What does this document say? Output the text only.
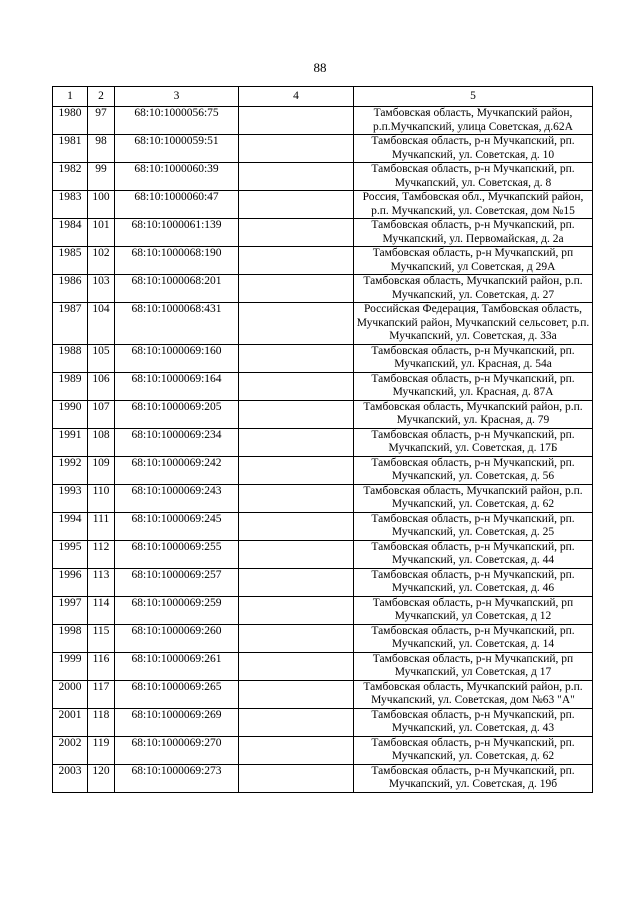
88
1	2	3	4	5
1980	97	68:10:1000056:75		Тамбовская область, Мучкапский район,
р.п.Мучкапский, улица Советская, д.62А

1981	98	68:10:1000059:51		Тамбовская область, р-н Мучкапский, рп.
Мучкапский, ул. Советская, д. 10

1982	99	68:10:1000060:39		Тамбовская область, р-н Мучкапский, рп.
Мучкапский, ул. Советская, д. 8

1983	100	68:10:1000060:47		Россия, Тамбовская обл., Мучкапский район,
р.п. Мучкапский, ул. Советская, дом №15

1984	101	68:10:1000061:139		Тамбовская область, р-н Мучкапский, рп.
Мучкапский, ул. Первомайская, д. 2а

1985	102	68:10:1000068:190		Тамбовская область, р-н Мучкапский, рп
Мучкапский, ул Советская, д 29А

1986	103	68:10:1000068:201		Тамбовская область, Мучкапский район, р.п.
Мучкапский, ул. Советская, д. 27

1987	104	68:10:1000068:431		Российская Федерация, Тамбовская область,
Мучкапский район, Мучкапский сельсовет, р.п.
Мучкапский, ул. Советская, д. 33а

1988	105	68:10:1000069:160		Тамбовская область, р-н Мучкапский, рп.
Мучкапский, ул. Красная, д. 54а

1989	106	68:10:1000069:164		Тамбовская область, р-н Мучкапский, рп.
Мучкапский, ул. Красная, д. 87А

1990	107	68:10:1000069:205		Тамбовская область, Мучкапский район, р.п.
Мучкапский, ул. Красная, д. 79

1991	108	68:10:1000069:234		Тамбовская область, р-н Мучкапский, рп.
Мучкапский, ул. Советская, д. 17Б

1992	109	68:10:1000069:242		Тамбовская область, р-н Мучкапский, рп.
Мучкапский, ул. Советская, д. 56

1993	110	68:10:1000069:243		Тамбовская область, Мучкапский район, р.п.
Мучкапский, ул. Советская, д. 62

1994	111	68:10:1000069:245		Тамбовская область, р-н Мучкапский, рп.
Мучкапский, ул. Советская, д. 25

1995	112	68:10:1000069:255		Тамбовская область, р-н Мучкапский, рп.
Мучкапский, ул. Советская, д. 44

1996	113	68:10:1000069:257		Тамбовская область, р-н Мучкапский, рп.
Мучкапский, ул. Советская, д. 46

1997	114	68:10:1000069:259		Тамбовская область, р-н Мучкапский, рп
Мучкапский, ул Советская, д 12

1998	115	68:10:1000069:260		Тамбовская область, р-н Мучкапский, рп.
Мучкапский, ул. Советская, д. 14

1999	116	68:10:1000069:261		Тамбовская область, р-н Мучкапский, рп
Мучкапский, ул Советская, д 17

2000	117	68:10:1000069:265		Тамбовская область, Мучкапский район, р.п.
Мучкапский, ул. Советская, дом №63 "А"

2001	118	68:10:1000069:269		Тамбовская область, р-н Мучкапский, рп.
Мучкапский, ул. Советская, д. 43

2002	119	68:10:1000069:270		Тамбовская область, р-н Мучкапский, рп.
Мучкапский, ул. Советская, д. 62

2003	120	68:10:1000069:273		Тамбовская область, р-н Мучкапский, рп.
Мучкапский, ул. Советская, д. 19б
